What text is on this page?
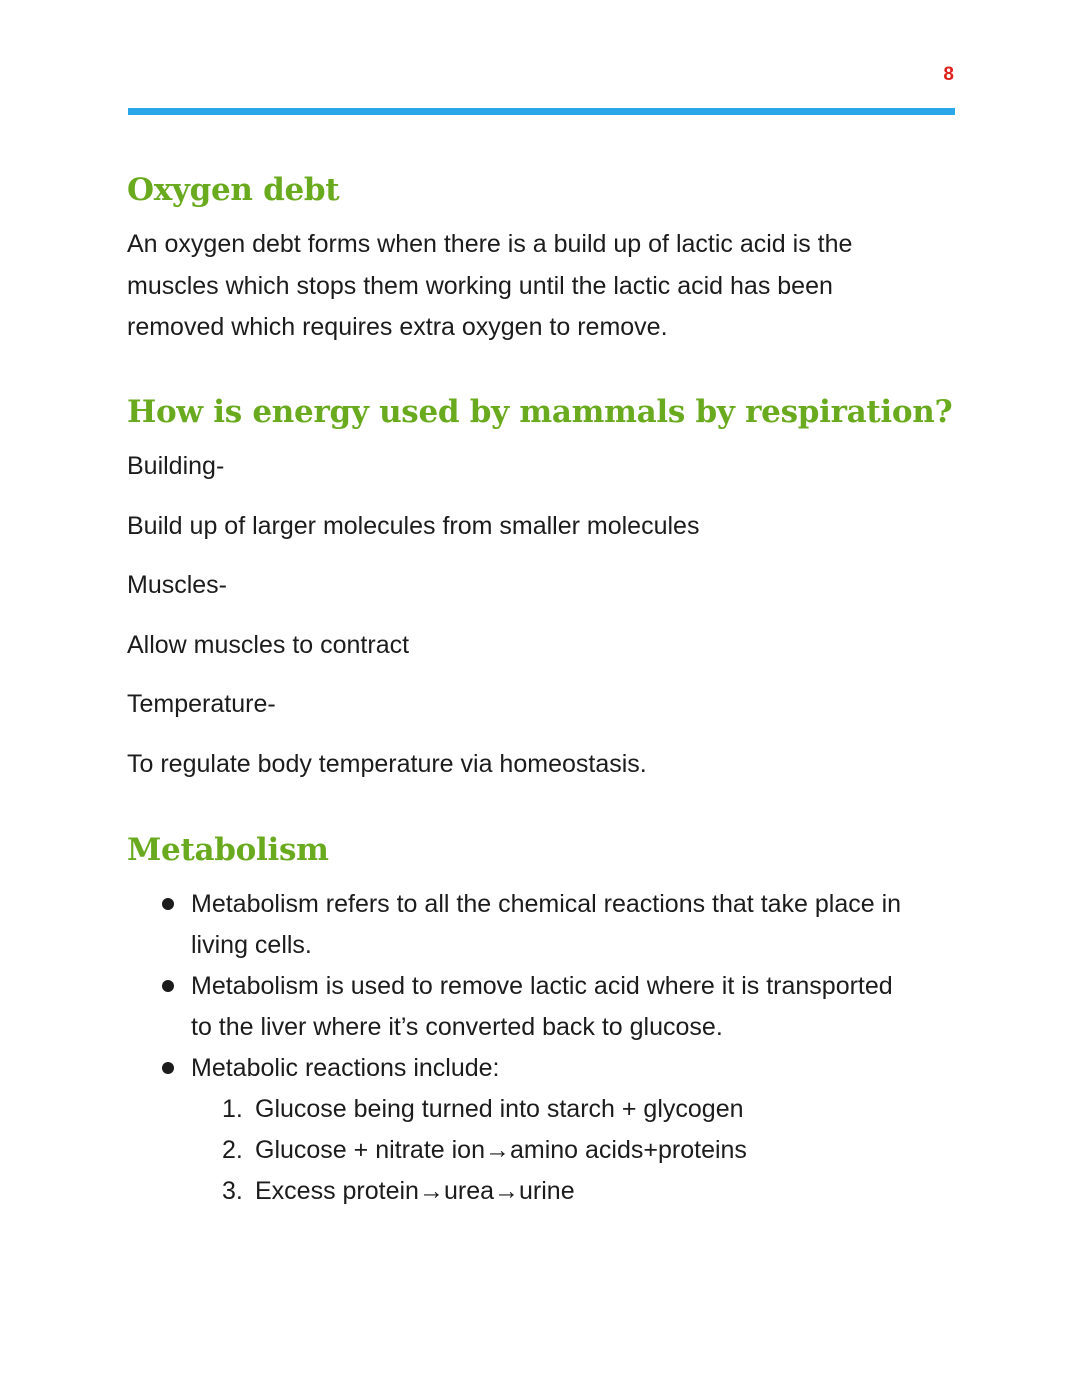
8
Oxygen debt

An oxygen debt forms when there is a build up of lactic acid is the
muscles which stops them working until the lactic acid has been
removed which requires extra oxygen to remove.

How is energy used by mammals by respiration?

Building-

Build up of larger molecules from smaller molecules

Muscles-

Allow muscles to contract

Temperature-

To regulate body temperature via homeostasis.

Metabolism
Metabolism refers to all the chemical reactions that take place in
living cells.
Metabolism is used to remove lactic acid where it is transported
to the liver where it’s converted back to glucose.
Metabolic reactions include:
1. Glucose being turned into starch + glycogen
2. Glucose + nitrate ion→amino acids+proteins
3. Excess protein→urea→urine
